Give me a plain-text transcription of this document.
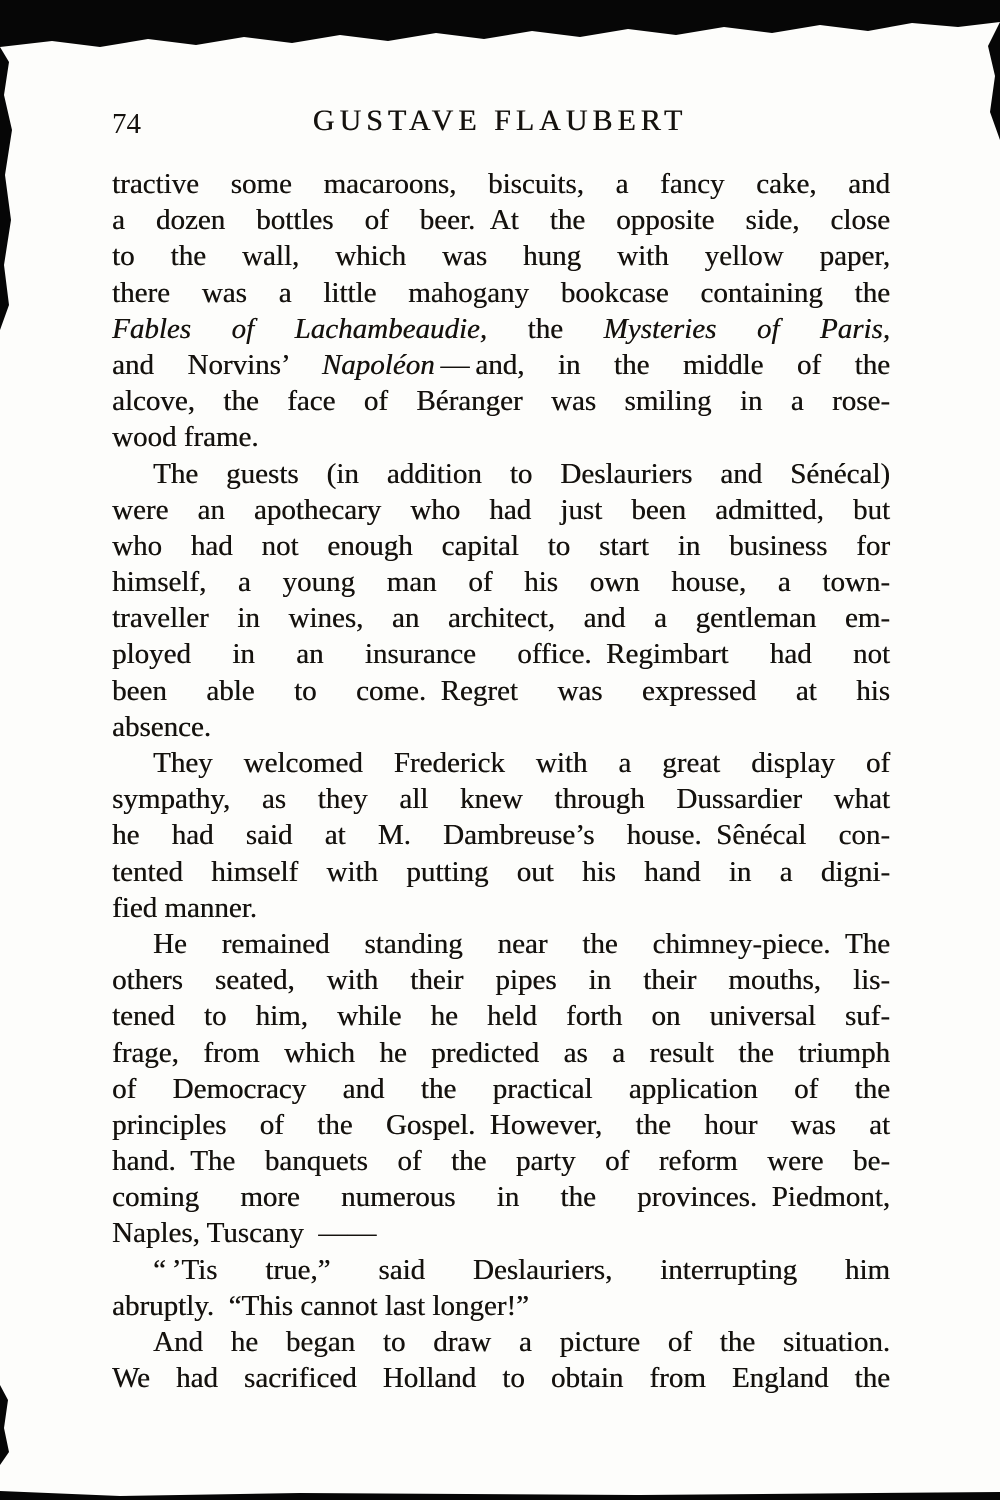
74	GUSTAVE FLAUBERT
tractive some macaroons, biscuits, a fancy cake, and
a dozen bottles of beer. At the opposite side, close
to the wall, which was hung with yellow paper,
there was a little mahogany bookcase containing the
Fables of Lachambeaudie, the Mysteries of Paris,
and Norvins’ Napoléon — and, in the middle of the
alcove, the face of Béranger was smiling in a rose-
wood frame.
The guests (in addition to Deslauriers and Sénécal)
were an apothecary who had just been admitted, but
who had not enough capital to start in business for
himself, a young man of his own house, a town-
traveller in wines, an architect, and a gentleman em-
ployed in an insurance office. Regimbart had not
been able to come. Regret was expressed at his
absence.
They welcomed Frederick with a great display of
sympathy, as they all knew through Dussardier what
he had said at M. Dambreuse’s house. Sênécal con-
tented himself with putting out his hand in a digni-
fied manner.
He remained standing near the chimney-piece. The
others seated, with their pipes in their mouths, lis-
tened to him, while he held forth on universal suf-
frage, from which he predicted as a result the triumph
of Democracy and the practical application of the
principles of the Gospel. However, the hour was at
hand. The banquets of the party of reform were be-
coming more numerous in the provinces. Piedmont,
Naples, Tuscany ——
“ ’Tis true,” said Deslauriers, interrupting him
abruptly. “This cannot last longer!”
And he began to draw a picture of the situation.
We had sacrificed Holland to obtain from England the
